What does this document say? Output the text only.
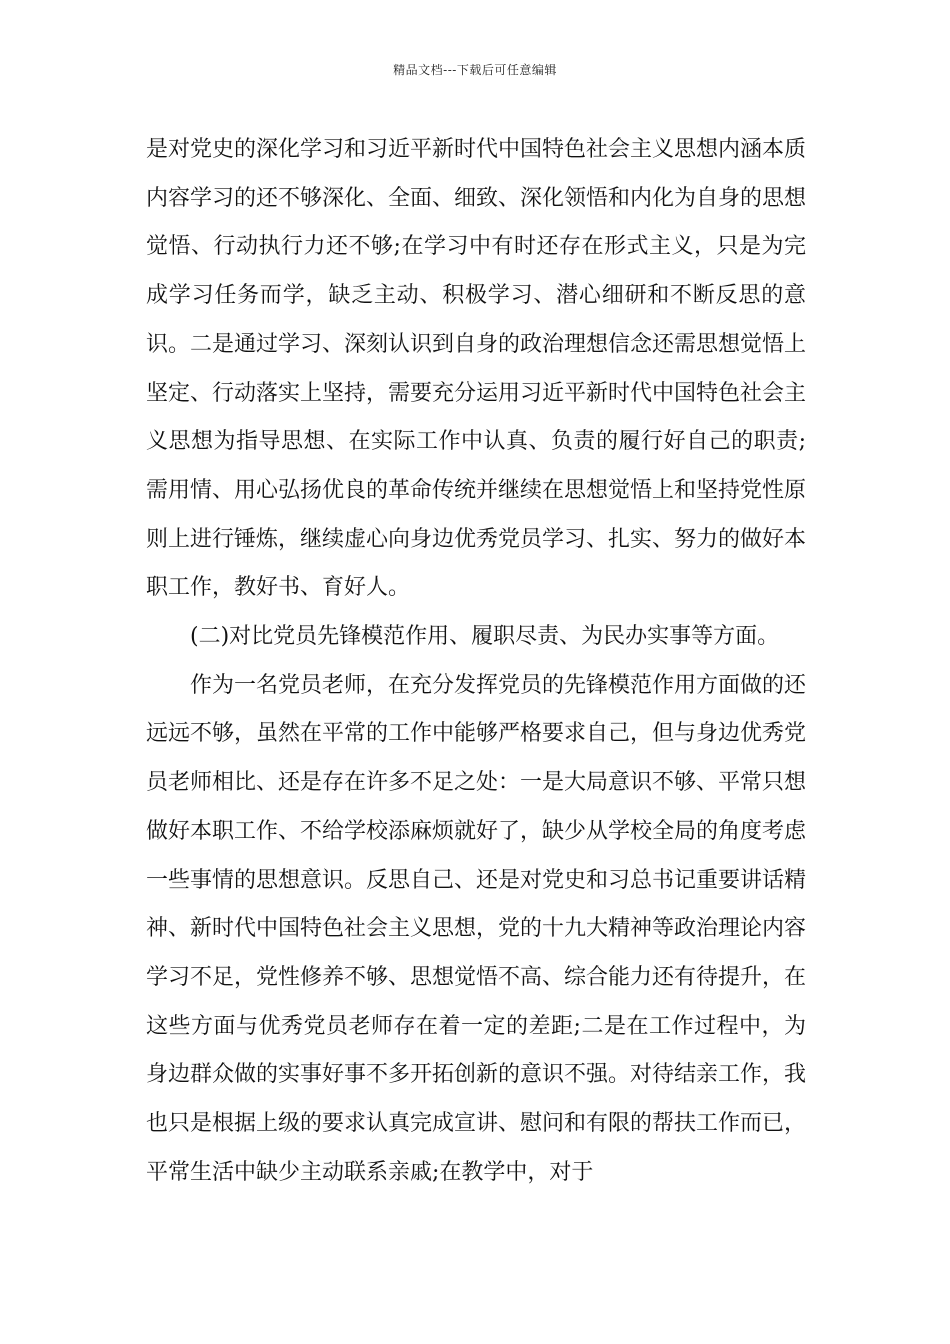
精品文档---下载后可任意编辑

是对党史的深化学习和习近平新时代中国特色社会主义思想内涵本质内容学习的还不够深化、全面、细致、深化领悟和内化为自身的思想觉悟、行动执行力还不够;在学习中有时还存在形式主义，只是为完成学习任务而学，缺乏主动、积极学习、潜心细研和不断反思的意识。二是通过学习、深刻认识到自身的政治理想信念还需思想觉悟上坚定、行动落实上坚持，需要充分运用习近平新时代中国特色社会主义思想为指导思想、在实际工作中认真、负责的履行好自己的职责;需用情、用心弘扬优良的革命传统并继续在思想觉悟上和坚持党性原则上进行锤炼，继续虚心向身边优秀党员学习、扎实、努力的做好本职工作，教好书、育好人。

(二)对比党员先锋模范作用、履职尽责、为民办实事等方面。

作为一名党员老师，在充分发挥党员的先锋模范作用方面做的还远远不够，虽然在平常的工作中能够严格要求自己，但与身边优秀党员老师相比、还是存在许多不足之处：一是大局意识不够、平常只想做好本职工作、不给学校添麻烦就好了，缺少从学校全局的角度考虑一些事情的思想意识。反思自己、还是对党史和习总书记重要讲话精神、新时代中国特色社会主义思想，党的十九大精神等政治理论内容学习不足，党性修养不够、思想觉悟不高、综合能力还有待提升，在这些方面与优秀党员老师存在着一定的差距;二是在工作过程中，为身边群众做的实事好事不多开拓创新的意识不强。对待结亲工作，我也只是根据上级的要求认真完成宣讲、慰问和有限的帮扶工作而已，平常生活中缺少主动联系亲戚;在教学中，对于
